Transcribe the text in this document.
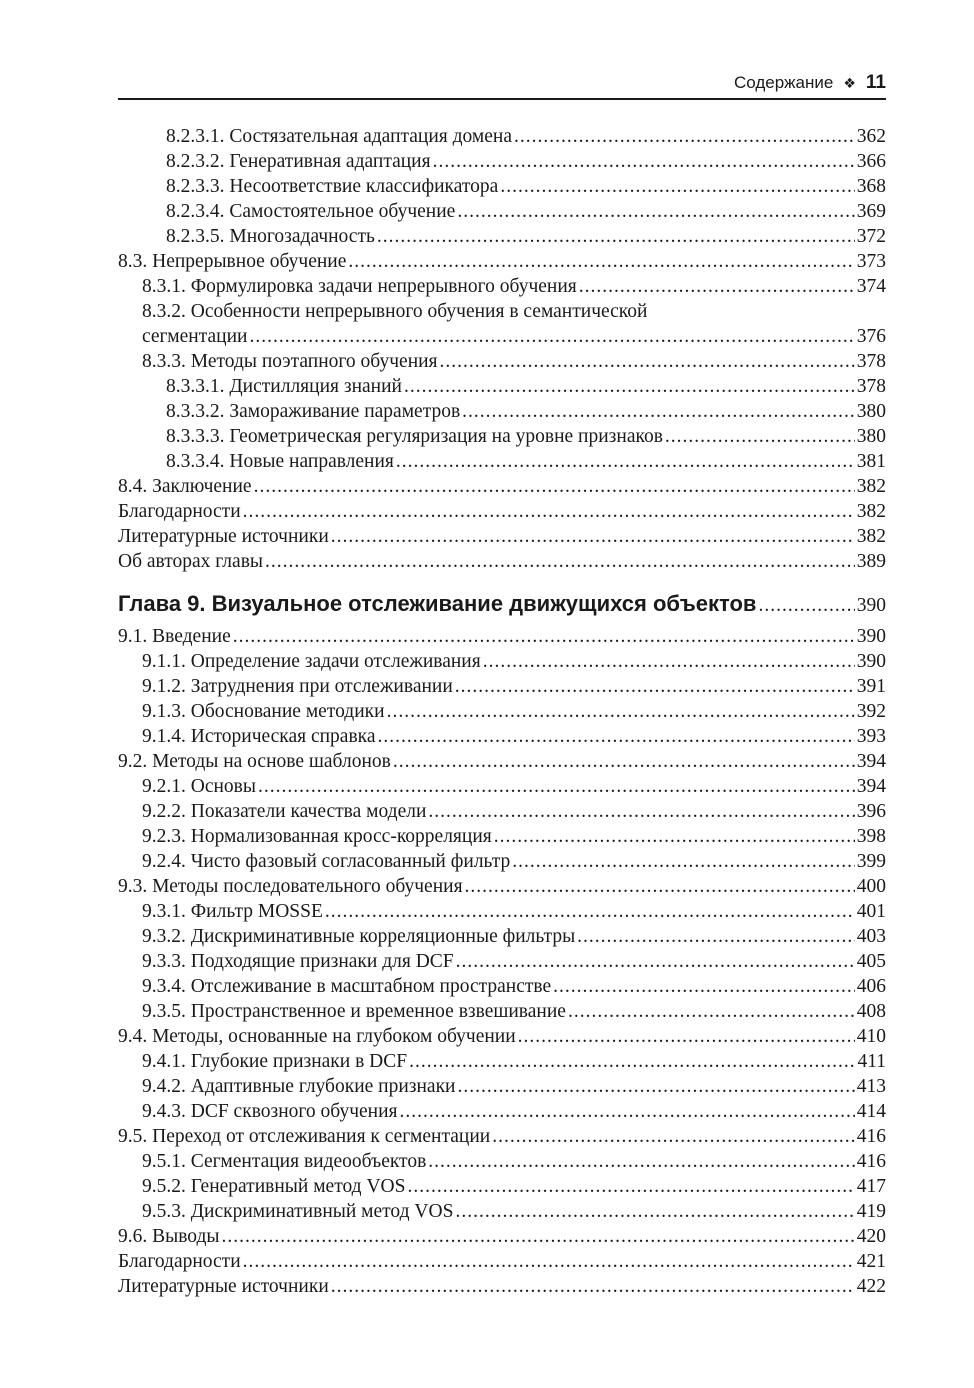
Содержание ❖ 11
8.2.3.1. Состязательная адаптация домена .....	362
8.2.3.2. Генеративная адаптация .....	366
8.2.3.3. Несоответствие классификатора .....	368
8.2.3.4. Самостоятельное обучение .....	369
8.2.3.5. Многозадачность .....	372
8.3. Непрерывное обучение .....	373
8.3.1. Формулировка задачи непрерывного обучения .....	374
8.3.2. Особенности непрерывного обучения в семантической
сегментации .....	376
8.3.3. Методы поэтапного обучения .....	378
8.3.3.1. Дистилляция знаний .....	378
8.3.3.2. Замораживание параметров .....	380
8.3.3.3. Геометрическая регуляризация на уровне признаков .....	380
8.3.3.4. Новые направления .....	381
8.4. Заключение .....	382
Благодарности .....	382
Литературные источники .....	382
Об авторах главы .....	389
Глава 9. Визуальное отслеживание движущихся объектов .....	390
9.1. Введение .....	390
9.1.1. Определение задачи отслеживания .....	390
9.1.2. Затруднения при отслеживании .....	391
9.1.3. Обоснование методики .....	392
9.1.4. Историческая справка .....	393
9.2. Методы на основе шаблонов .....	394
9.2.1. Основы .....	394
9.2.2. Показатели качества модели .....	396
9.2.3. Нормализованная кросс-корреляция .....	398
9.2.4. Чисто фазовый согласованный фильтр .....	399
9.3. Методы последовательного обучения .....	400
9.3.1. Фильтр MOSSE .....	401
9.3.2. Дискриминативные корреляционные фильтры .....	403
9.3.3. Подходящие признаки для DCF .....	405
9.3.4. Отслеживание в масштабном пространстве .....	406
9.3.5. Пространственное и временное взвешивание .....	408
9.4. Методы, основанные на глубоком обучении .....	410
9.4.1. Глубокие признаки в DCF .....	411
9.4.2. Адаптивные глубокие признаки .....	413
9.4.3. DCF сквозного обучения .....	414
9.5. Переход от отслеживания к сегментации .....	416
9.5.1. Сегментация видеообъектов .....	416
9.5.2. Генеративный метод VOS .....	417
9.5.3. Дискриминативный метод VOS .....	419
9.6. Выводы .....	420
Благодарности .....	421
Литературные источники .....	422
